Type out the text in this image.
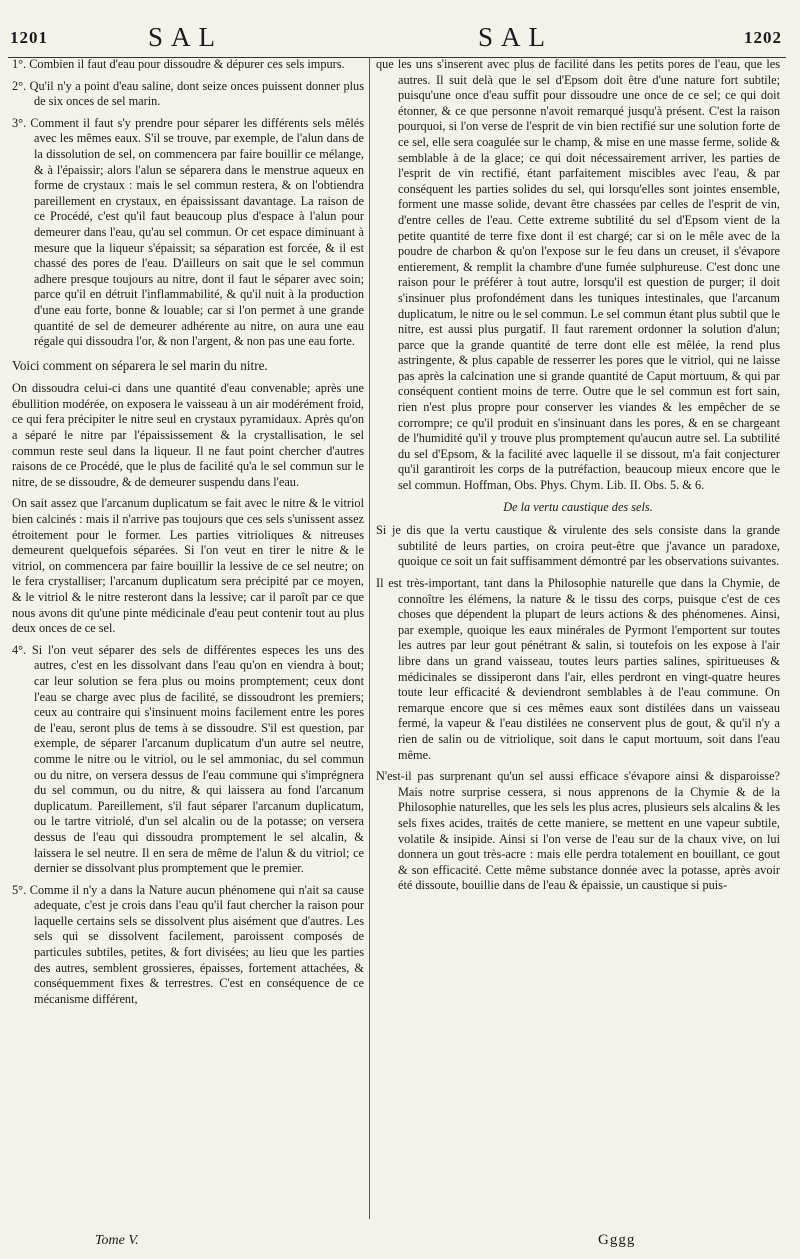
1201	SAL	SAL	1202

1°. Combien il faut d'eau pour dissoudre & dépurer ces sels impurs.

2°. Qu'il n'y a point d'eau saline, dont seize onces puissent donner plus de six onces de sel marin.

3°. Comment il faut s'y prendre pour séparer les différents sels mêlés avec les mêmes eaux. S'il se trouve, par exemple, de l'alun dans de la dissolution de sel, on commencera par faire bouillir ce mélange, & à l'épaissir; alors l'alun se séparera dans le menstrue aqueux en forme de crystaux : mais le sel commun restera, & on l'obtiendra pareillement en crystaux, en épaississant davantage. La raison de ce Procédé, c'est qu'il faut beaucoup plus d'espace à l'alun pour demeurer dans l'eau, qu'au sel commun. Or cet espace diminuant à mesure que la liqueur s'épaissit; sa séparation est forcée, & il est chassé des pores de l'eau. D'ailleurs on sait que le sel commun adhere presque toujours au nitre, dont il faut le séparer avec soin; parce qu'il en détruit l'inflammabilité, & qu'il nuit à la production d'une eau forte, bonne & louable; car si l'on permet à une grande quantité de sel de demeurer adhérente au nitre, on aura une eau régale qui dissoudra l'or, & non l'argent, & non pas une eau forte.

Voici comment on séparera le sel marin du nitre.

On dissoudra celui-ci dans une quantité d'eau convenable; après une ébullition modérée, on exposera le vaisseau à un air modérément froid, ce qui fera précipiter le nitre seul en crystaux pyramidaux. Après qu'on a séparé le nitre par l'épaississement & la crystallisation, le sel commun reste seul dans la liqueur. Il ne faut point chercher d'autres raisons de ce Procédé, que le plus de facilité qu'a le sel commun sur le nitre, de se dissoudre, & de demeurer suspendu dans l'eau.

On sait assez que l'arcanum duplicatum se fait avec le nitre & le vitriol bien calcinés : mais il n'arrive pas toujours que ces sels s'unissent assez étroitement pour le former. Les parties vitrioliques & nitreuses demeurent quelquefois séparées. Si l'on veut en tirer le nitre & le vitriol, on commencera par faire bouillir la lessive de ce sel neutre; on le fera crystalliser; l'arcanum duplicatum sera précipité par ce moyen, & le vitriol & le nitre resteront dans la lessive; car il paroît par ce que nous avons dit qu'une pinte médicinale d'eau peut contenir tout au plus deux onces de ce sel.

4°. Si l'on veut séparer des sels de différentes especes les uns des autres, c'est en les dissolvant dans l'eau qu'on en viendra à bout; car leur solution se fera plus ou moins promptement; ceux dont l'eau se charge avec plus de facilité, se dissoudront les premiers; ceux au contraire qui s'insinuent moins facilement entre les pores de l'eau, seront plus de tems à se dissoudre. S'il est question, par exemple, de séparer l'arcanum duplicatum d'un autre sel neutre, comme le nitre ou le vitriol, ou le sel ammoniac, du sel commun ou du nitre, on versera dessus de l'eau commune qui s'imprégnera du sel commun, ou du nitre, & qui laissera au fond l'arcanum duplicatum. Pareillement, s'il faut séparer l'arcanum duplicatum, ou le tartre vitriolé, d'un sel alcalin ou de la potasse; on versera dessus de l'eau qui dissoudra promptement le sel alcalin, & laissera le sel neutre. Il en sera de même de l'alun & du vitriol; ce dernier se dissolvant plus promptement que le premier.

5°. Comme il n'y a dans la Nature aucun phénomene qui n'ait sa cause adequate, c'est je crois dans l'eau qu'il faut chercher la raison pour laquelle certains sels se dissolvent plus aisément que d'autres. Les sels qui se dissolvent facilement, paroissent composés de particules subtiles, petites, & fort divisées; au lieu que les parties des autres, semblent grossieres, épaisses, fortement attachées, & conséquemment fixes & terrestres. C'est en conséquence de ce mécanisme différent,

que les uns s'inserent avec plus de facilité dans les petits pores de l'eau, que les autres. Il suit delà que le sel d'Epsom doit être d'une nature fort subtile; puisqu'une once d'eau suffit pour dissoudre une once de ce sel; ce qui doit étonner, & ce que personne n'avoit remarqué jusqu'à présent. C'est la raison pourquoi, si l'on verse de l'esprit de vin bien rectifié sur une solution forte de ce sel, elle sera coagulée sur le champ, & mise en une masse ferme, solide & semblable à de la glace; ce qui doit nécessairement arriver, les parties de l'esprit de vin rectifié, étant parfaitement miscibles avec l'eau, & par conséquent les parties solides du sel, qui lorsqu'elles sont jointes ensemble, forment une masse solide, devant être chassées par celles de l'esprit de vin, d'entre celles de l'eau. Cette extreme subtilité du sel d'Epsom vient de la petite quantité de terre fixe dont il est chargé; car si on le mêle avec de la poudre de charbon & qu'on l'expose sur le feu dans un creuset, il s'évapore entierement, & remplit la chambre d'une fumée sulphureuse. C'est donc une raison pour le préférer à tout autre, lorsqu'il est question de purger; il doit s'insinuer plus profondément dans les tuniques intestinales, que l'arcanum duplicatum, le nitre ou le sel commun. Le sel commun étant plus subtil que le nitre, est aussi plus purgatif. Il faut rarement ordonner la solution d'alun; parce que la grande quantité de terre dont elle est mêlée, la rend plus astringente, & plus capable de resserrer les pores que le vitriol, qui ne laisse pas après la calcination une si grande quantité de Caput mortuum, & qui par conséquent contient moins de terre. Outre que le sel commun est fort sain, rien n'est plus propre pour conserver les viandes & les empêcher de se corrompre; ce qu'il produit en s'insinuant dans les pores, & en se chargeant de l'humidité qu'il y trouve plus promptement qu'aucun autre sel. La subtilité du sel d'Epsom, & la facilité avec laquelle il se dissout, m'a fait conjecturer qu'il garantiroit les corps de la putréfaction, beaucoup mieux encore que le sel commun. Hoffman, Obs. Phys. Chym. Lib. II. Obs. 5. & 6.

De la vertu caustique des sels.

Si je dis que la vertu caustique & virulente des sels consiste dans la grande subtilité de leurs parties, on croira peut-être que j'avance un paradoxe, quoique ce soit un fait suffisamment démontré par les observations suivantes.

Il est très-important, tant dans la Philosophie naturelle que dans la Chymie, de connoître les élémens, la nature & le tissu des corps, puisque c'est de ces choses que dépendent la plupart de leurs actions & des phénomenes. Ainsi, par exemple, quoique les eaux minérales de Pyrmont l'emportent sur toutes les autres par leur gout pénétrant & salin, si toutefois on les expose à l'air libre dans un grand vaisseau, toutes leurs parties salines, spiritueuses & médicinales se dissiperont dans l'air, elles perdront en vingt-quatre heures toute leur efficacité & deviendront semblables à de l'eau commune. On remarque encore que si ces mêmes eaux sont distilées dans un vaisseau fermé, la vapeur & l'eau distilées ne conservent plus de gout, & qu'il n'y a rien de salin ou de vitriolique, soit dans le caput mortuum, soit dans l'eau même.

N'est-il pas surprenant qu'un sel aussi efficace s'évapore ainsi & disparoisse? Mais notre surprise cessera, si nous apprenons de la Chymie & de la Philosophie naturelles, que les sels les plus acres, plusieurs sels alcalins & les sels fixes acides, traités de cette maniere, se mettent en une vapeur subtile, volatile & insipide. Ainsi si l'on verse de l'eau sur de la chaux vive, on lui donnera un gout très-acre : mais elle perdra totalement en bouillant, ce gout & son efficacité. Cette même substance donnée avec la potasse, après avoir été dissoute, bouillie dans de l'eau & épaissie, un caustique si puis-

Tome V.	Gggg
